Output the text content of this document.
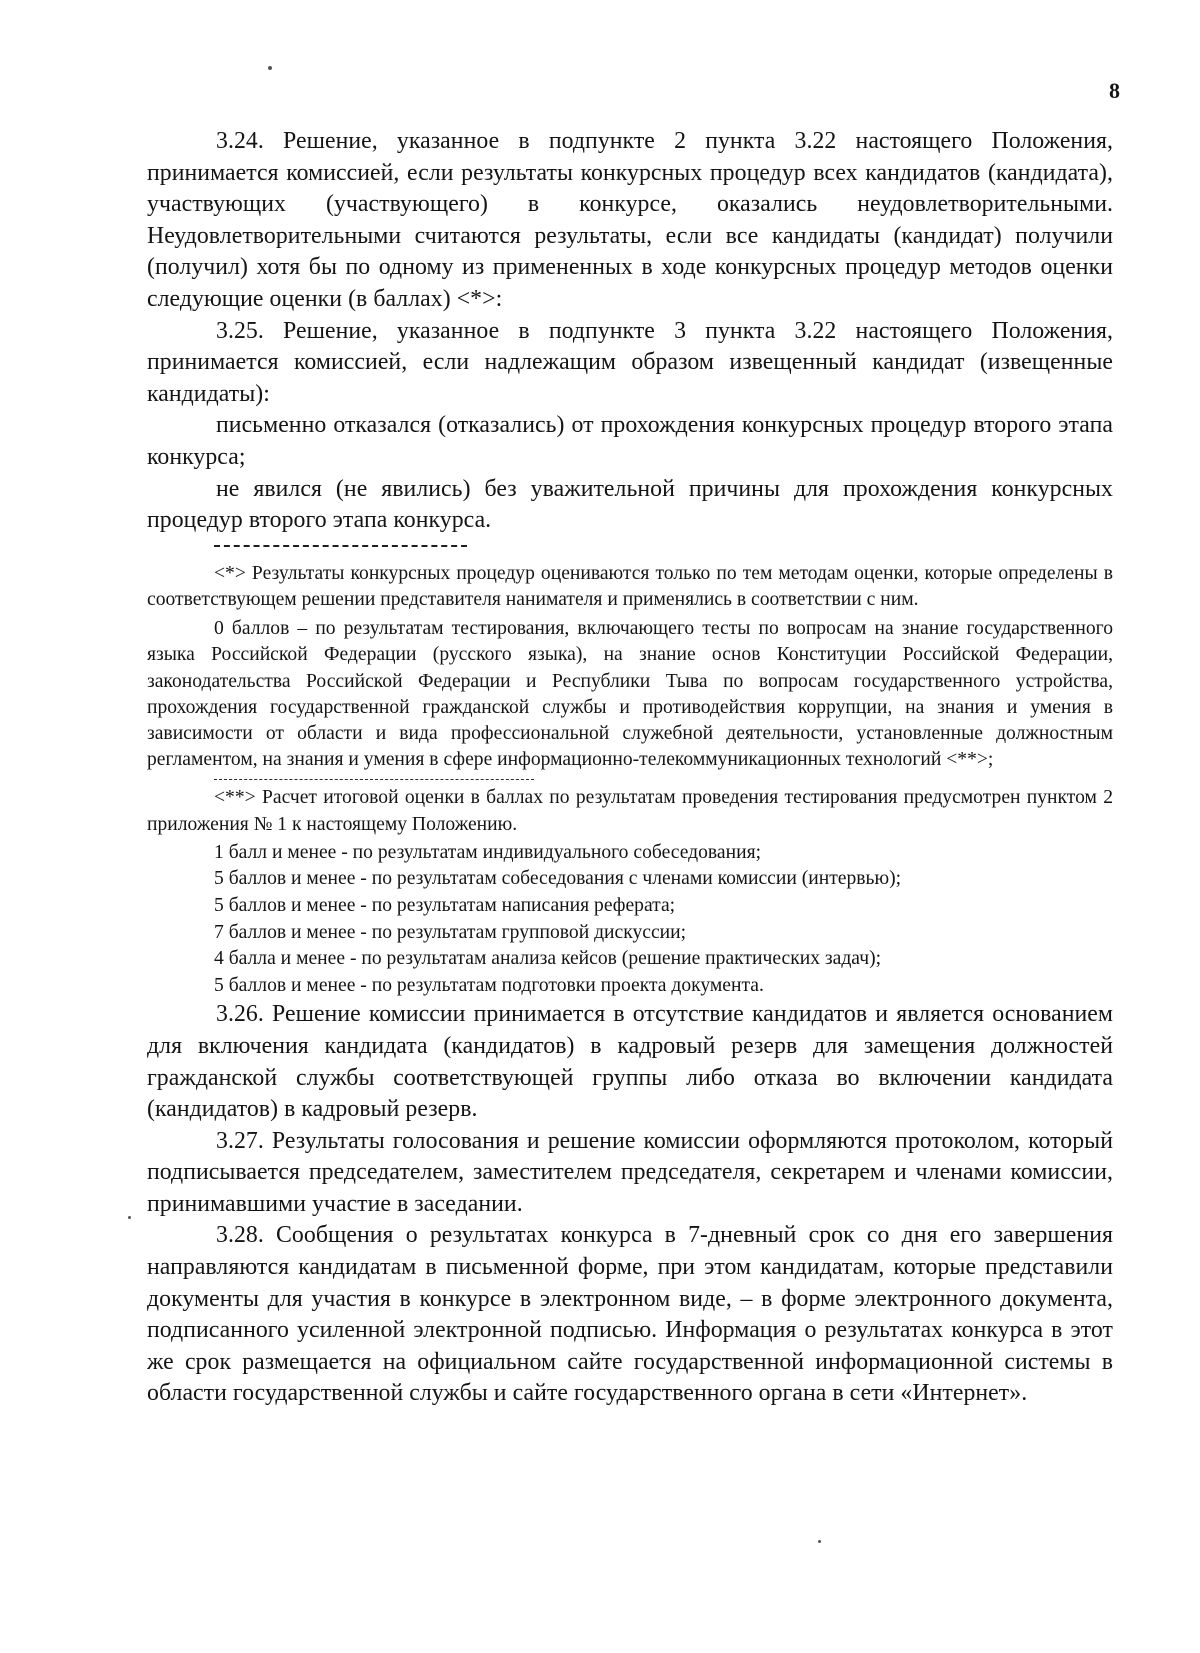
8

3.24. Решение, указанное в подпункте 2 пункта 3.22 настоящего Положения, принимается комиссией, если результаты конкурсных процедур всех кандидатов (кандидата), участвующих (участвующего) в конкурсе, оказались неудовлетворительными. Неудовлетворительными считаются результаты, если все кандидаты (кандидат) получили (получил) хотя бы по одному из примененных в ходе конкурсных процедур методов оценки следующие оценки (в баллах) <*>:

3.25. Решение, указанное в подпункте 3 пункта 3.22 настоящего Положения, принимается комиссией, если надлежащим образом извещенный кандидат (извещенные кандидаты):

письменно отказался (отказались) от прохождения конкурсных процедур второго этапа конкурса;

не явился (не явились) без уважительной причины для прохождения конкурсных процедур второго этапа конкурса.

<*> Результаты конкурсных процедур оцениваются только по тем методам оценки, которые определены в соответствующем решении представителя нанимателя и применялись в соответствии с ним.

0 баллов – по результатам тестирования, включающего тесты по вопросам на знание государственного языка Российской Федерации (русского языка), на знание основ Конституции Российской Федерации, законодательства Российской Федерации и Республики Тыва по вопросам государственного устройства, прохождения государственной гражданской службы и противодействия коррупции, на знания и умения в зависимости от области и вида профессиональной служебной деятельности, установленные должностным регламентом, на знания и умения в сфере информационно-телекоммуникационных технологий <**>;

<**> Расчет итоговой оценки в баллах по результатам проведения тестирования предусмотрен пунктом 2 приложения № 1 к настоящему Положению.

1 балл и менее - по результатам индивидуального собеседования;

5 баллов и менее - по результатам собеседования с членами комиссии (интервью);

5 баллов и менее - по результатам написания реферата;

7 баллов и менее - по результатам групповой дискуссии;

4 балла и менее - по результатам анализа кейсов (решение практических задач);

5 баллов и менее - по результатам подготовки проекта документа.

3.26. Решение комиссии принимается в отсутствие кандидатов и является основанием для включения кандидата (кандидатов) в кадровый резерв для замещения должностей гражданской службы соответствующей группы либо отказа во включении кандидата (кандидатов) в кадровый резерв.

3.27. Результаты голосования и решение комиссии оформляются протоколом, который подписывается председателем, заместителем председателя, секретарем и членами комиссии, принимавшими участие в заседании.

3.28. Сообщения о результатах конкурса в 7-дневный срок со дня его завершения направляются кандидатам в письменной форме, при этом кандидатам, которые представили документы для участия в конкурсе в электронном виде, – в форме электронного документа, подписанного усиленной электронной подписью. Информация о результатах конкурса в этот же срок размещается на официальном сайте государственной информационной системы в области государственной службы и сайте государственного органа в сети «Интернет».
